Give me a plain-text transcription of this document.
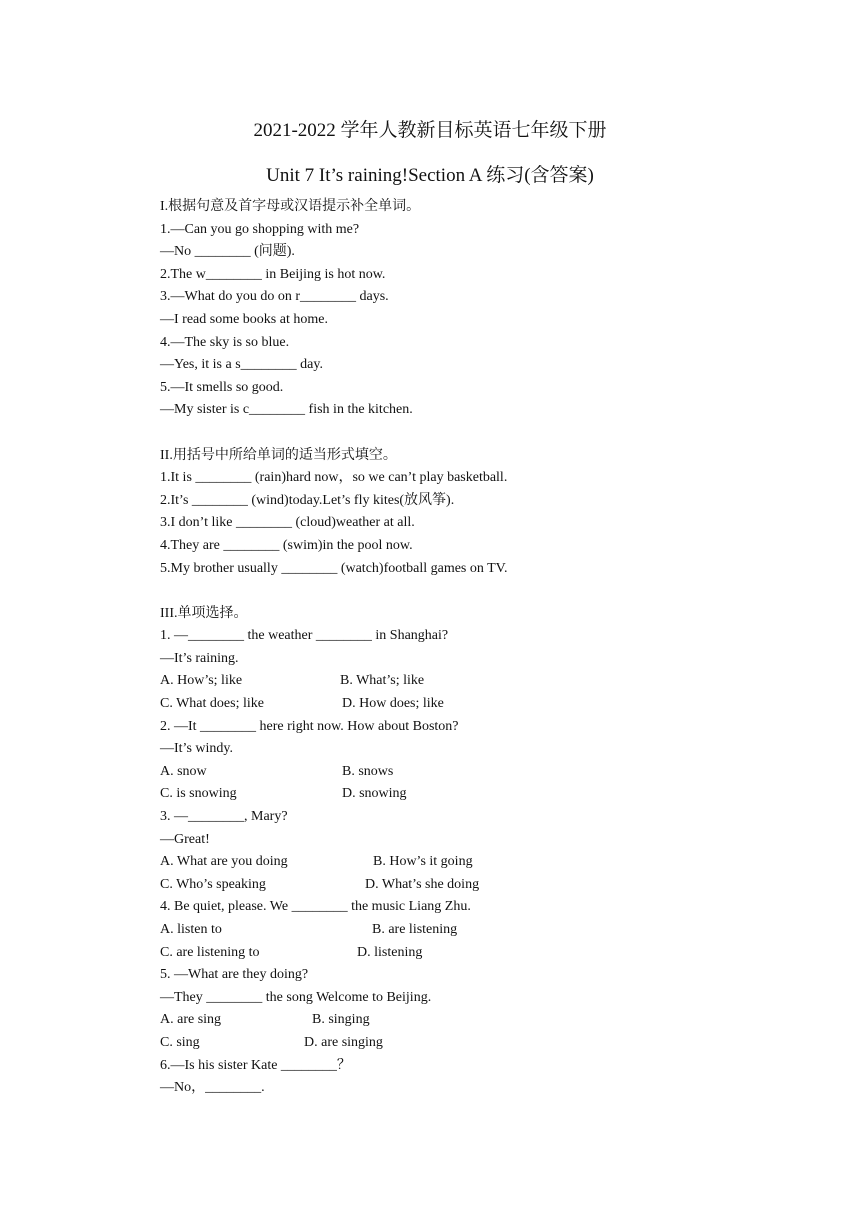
2021-2022 学年人教新目标英语七年级下册
Unit 7 It’s raining!Section A 练习(含答案)
I.根据句意及首字母或汉语提示补全单词。
1.—Can you go shopping with me?
—No ________ (问题).
2.The w________ in Beijing is hot now.
3.—What do you do on r________ days.
—I read some books at home.
4.—The sky is so blue.
—Yes, it is a s________ day.
5.—It smells so good.
—My sister is c________ fish in the kitchen.
II.用括号中所给单词的适当形式填空。
1.It is ________ (rain)hard now，so we can’t play basketball.
2.It’s ________ (wind)today.Let’s fly kites(放风筝).
3.I don’t like ________ (cloud)weather at all.
4.They are ________ (swim)in the pool now.
5.My brother usually ________ (watch)football games on TV.
III.单项选择。
1. —________ the weather ________ in Shanghai?
—It’s raining.
A. How’s; like	B. What’s; like
C. What does; like	D. How does; like
2. —It ________ here right now. How about Boston?
—It’s windy.
A. snow	B. snows
C. is snowing	D. snowing
3. —________, Mary?
—Great!
A. What are you doing	B. How’s it going
C. Who’s speaking	D. What’s she doing
4. Be quiet, please. We ________ the music Liang Zhu.
A. listen to	B. are listening
C. are listening to	D. listening
5. —What are they doing?
—They ________ the song Welcome to Beijing.
A. are sing	B. singing
C. sing	D. are singing
6.—Is his sister Kate ________？
—No，________.
